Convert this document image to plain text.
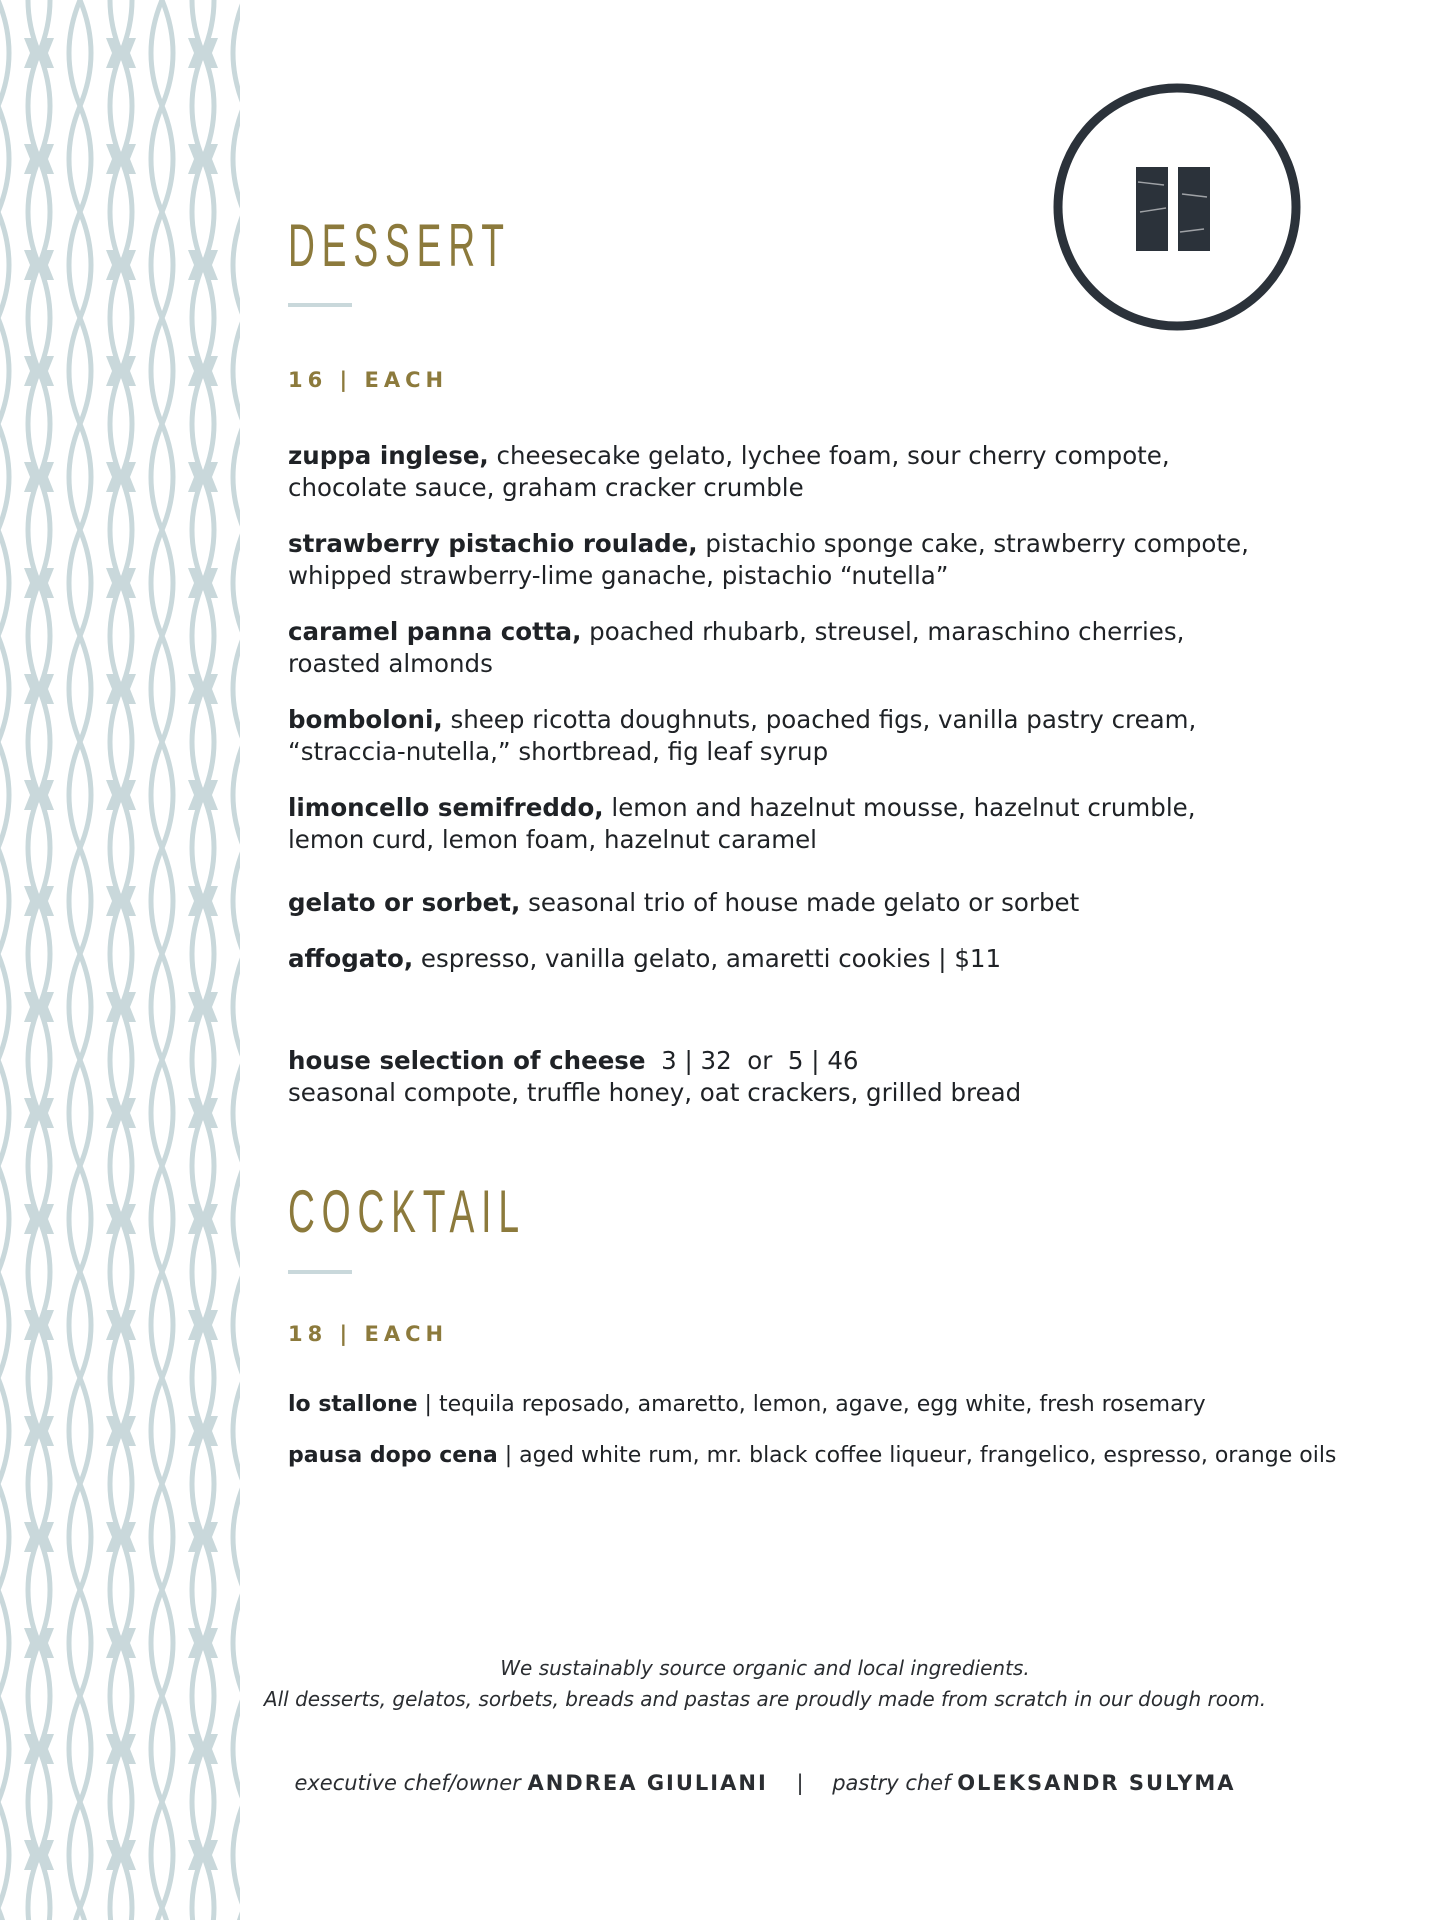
DESSERT
16 | EACH
zuppa inglese, cheesecake gelato, lychee foam, sour cherry compote,
chocolate sauce, graham cracker crumble
strawberry pistachio roulade, pistachio sponge cake, strawberry compote,
whipped strawberry-lime ganache, pistachio “nutella”
caramel panna cotta, poached rhubarb, streusel, maraschino cherries,
roasted almonds
bomboloni, sheep ricotta doughnuts, poached figs, vanilla pastry cream,
“straccia-nutella,” shortbread, fig leaf syrup
limoncello semifreddo, lemon and hazelnut mousse, hazelnut crumble,
lemon curd, lemon foam, hazelnut caramel
gelato or sorbet, seasonal trio of house made gelato or sorbet
affogato, espresso, vanilla gelato, amaretti cookies | $11
house selection of cheese  3 | 32  or  5 | 46
seasonal compote, truffle honey, oat crackers, grilled bread
COCKTAIL
18 | EACH
lo stallone | tequila reposado, amaretto, lemon, agave, egg white, fresh rosemary
pausa dopo cena | aged white rum, mr. black coffee liqueur, frangelico, espresso, orange oils
We sustainably source organic and local ingredients.
All desserts, gelatos, sorbets, breads and pastas are proudly made from scratch in our dough room.
executive chef/owner ANDREA GIULIANI | pastry chef OLEKSANDR SULYMA
